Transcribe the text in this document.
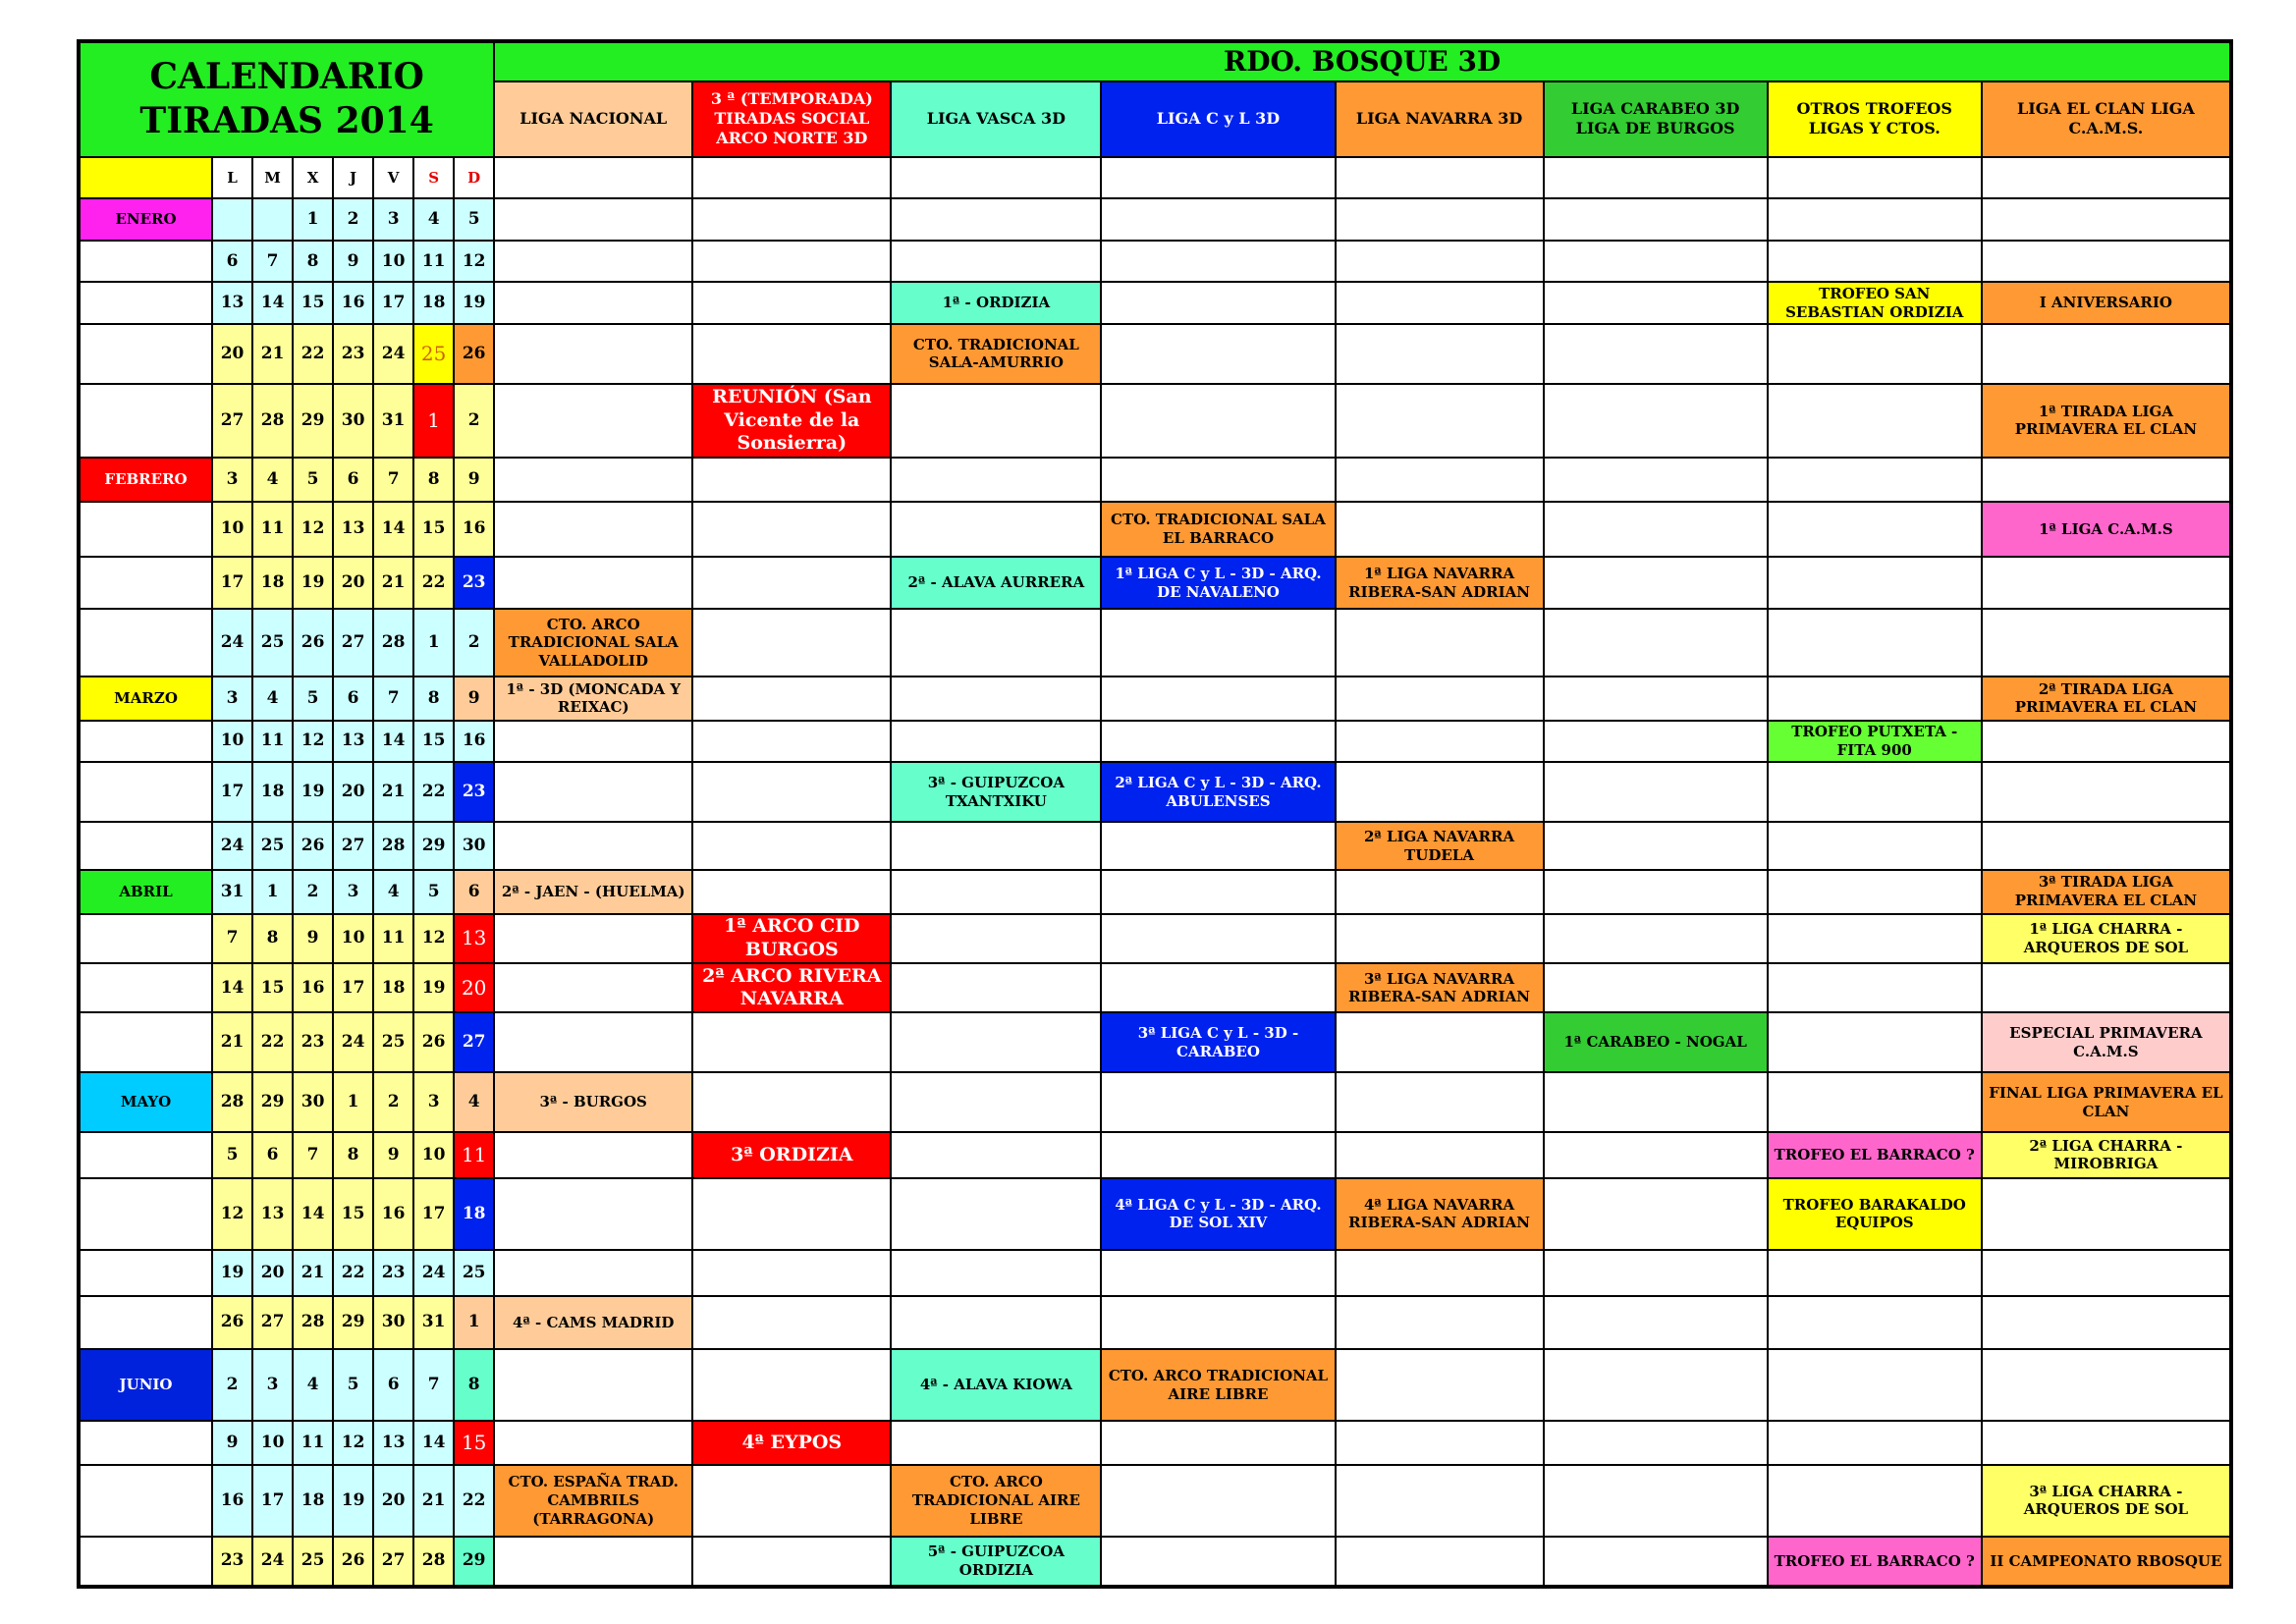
CALENDARIO TIRADAS 2014								RDO. BOSQUE 3D							
								LIGA NACIONAL	3 ª (TEMPORADA) TIRADAS SOCIAL ARCO NORTE 3D	LIGA VASCA 3D	LIGA C y L 3D	LIGA NAVARRA 3D	LIGA CARABEO 3D LIGA DE BURGOS	OTROS TROFEOS LIGAS Y CTOS.	LIGA EL CLAN LIGA C.A.M.S.
	L	M	X	J	V	S	D								
ENERO			1	2	3	4	5								
	6	7	8	9	10	11	12								
	13	14	15	16	17	18	19			1ª - ORDIZIA				TROFEO SAN SEBASTIAN ORDIZIA	I ANIVERSARIO
	20	21	22	23	24	25	26			CTO. TRADICIONAL SALA-AMURRIO					
	27	28	29	30	31	1	2		REUNIÓN (San Vicente de la Sonsierra)						1ª TIRADA LIGA PRIMAVERA EL CLAN
FEBRERO	3	4	5	6	7	8	9								
	10	11	12	13	14	15	16				CTO. TRADICIONAL SALA EL BARRACO				1ª LIGA C.A.M.S
	17	18	19	20	21	22	23			2ª - ALAVA AURRERA	1ª LIGA C y L - 3D - ARQ. DE NAVALENO	1ª LIGA NAVARRA RIBERA-SAN ADRIAN			
	24	25	26	27	28	1	2	CTO. ARCO TRADICIONAL SALA VALLADOLID							
MARZO	3	4	5	6	7	8	9	1ª - 3D (MONCADA Y REIXAC)							2ª TIRADA LIGA PRIMAVERA EL CLAN
	10	11	12	13	14	15	16							TROFEO PUTXETA - FITA 900	
	17	18	19	20	21	22	23			3ª - GUIPUZCOA TXANTXIKU	2ª LIGA C y L - 3D - ARQ. ABULENSES				
	24	25	26	27	28	29	30					2ª LIGA NAVARRA TUDELA			
ABRIL	31	1	2	3	4	5	6	2ª - JAEN - (HUELMA)							3ª TIRADA LIGA PRIMAVERA EL CLAN
	7	8	9	10	11	12	13		1ª ARCO CID BURGOS						1ª LIGA CHARRA - ARQUEROS DE SOL
	14	15	16	17	18	19	20		2ª ARCO RIVERA NAVARRA			3ª LIGA NAVARRA RIBERA-SAN ADRIAN			
	21	22	23	24	25	26	27				3ª LIGA C y L - 3D - CARABEO		1ª CARABEO - NOGAL		ESPECIAL PRIMAVERA C.A.M.S
MAYO	28	29	30	1	2	3	4	3ª - BURGOS							FINAL LIGA PRIMAVERA EL CLAN
	5	6	7	8	9	10	11		3ª ORDIZIA					TROFEO EL BARRACO ?	2ª LIGA CHARRA - MIROBRIGA
	12	13	14	15	16	17	18				4ª LIGA C y L - 3D - ARQ. DE SOL XIV	4ª LIGA NAVARRA RIBERA-SAN ADRIAN		TROFEO BARAKALDO EQUIPOS	
	19	20	21	22	23	24	25								
	26	27	28	29	30	31	1	4ª - CAMS MADRID							
JUNIO	2	3	4	5	6	7	8			4ª - ALAVA KIOWA	CTO. ARCO TRADICIONAL AIRE LIBRE				
	9	10	11	12	13	14	15		4ª EYPOS						
	16	17	18	19	20	21	22	CTO. ESPAÑA TRAD. CAMBRILS (TARRAGONA)		CTO. ARCO TRADICIONAL AIRE LIBRE					3ª LIGA CHARRA - ARQUEROS DE SOL
	23	24	25	26	27	28	29			5ª - GUIPUZCOA ORDIZIA				TROFEO EL BARRACO ?	II CAMPEONATO RBOSQUE
